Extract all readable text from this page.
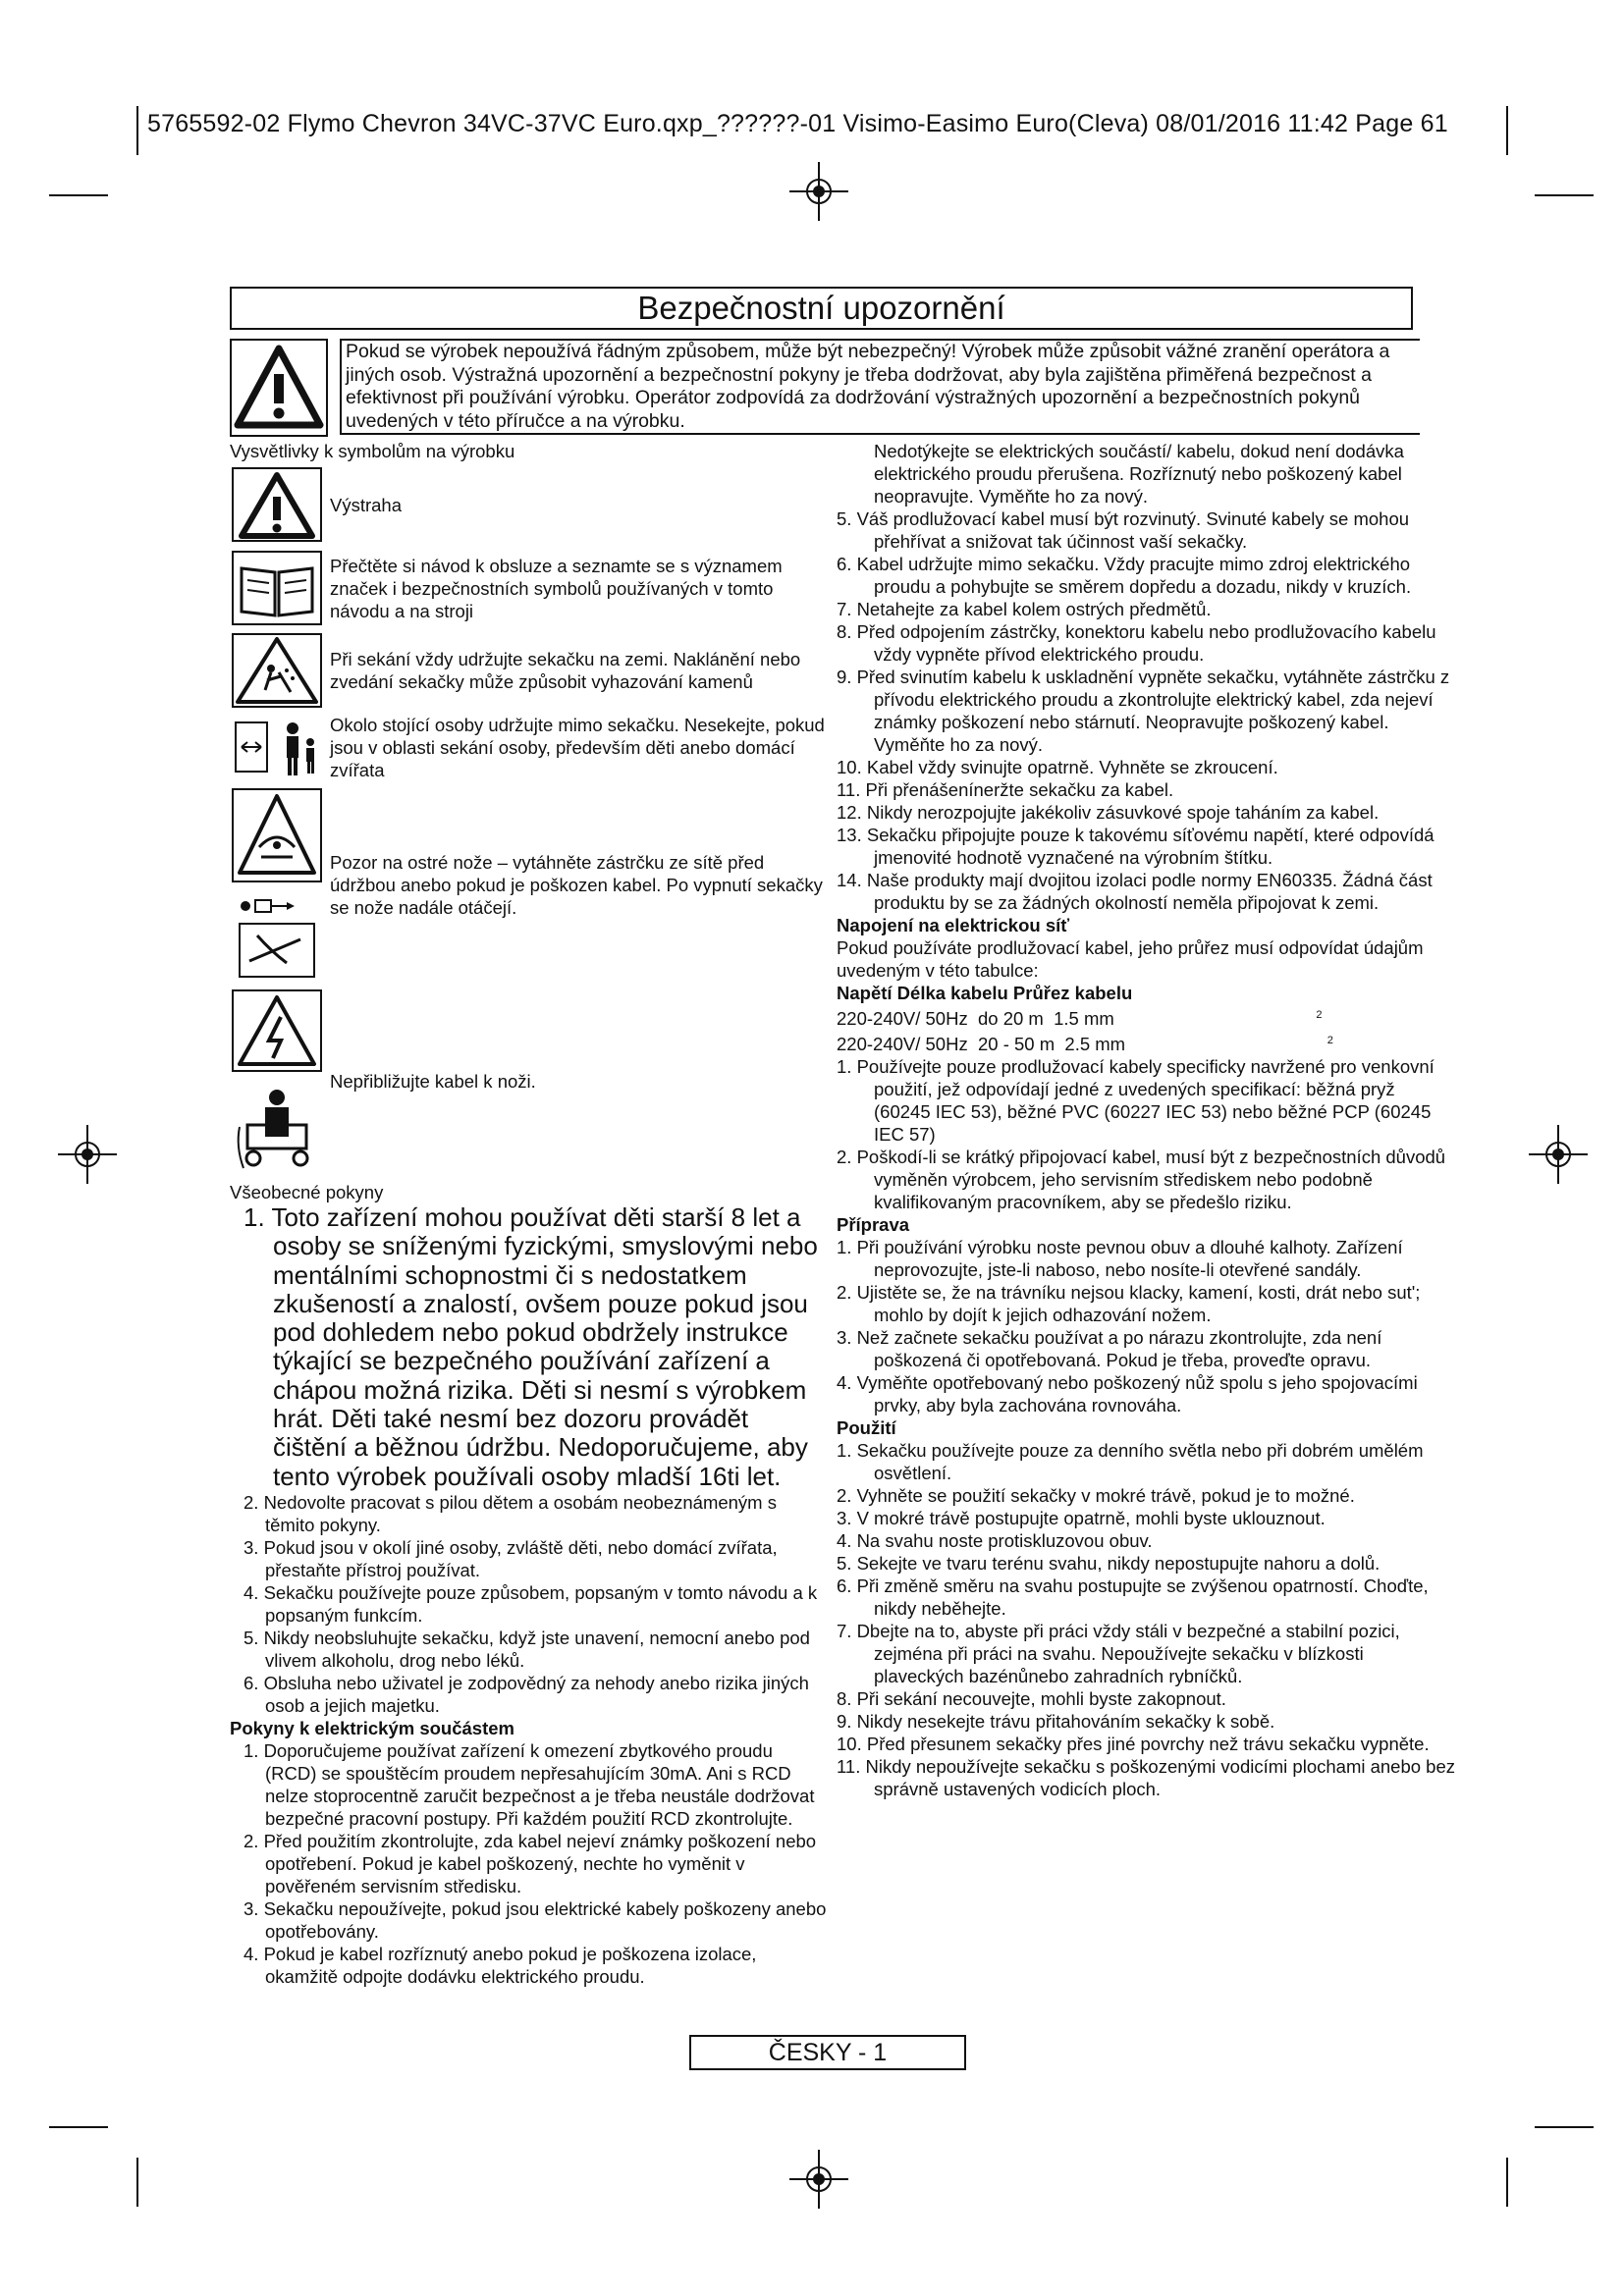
5765592-02 Flymo Chevron 34VC-37VC Euro.qxp_??????-01 Visimo-Easimo Euro(Cleva) 08/01/2016 11:42 Page 61
Bezpečnostní upozornění
Pokud se výrobek nepoužívá řádným způsobem, může být nebezpečný! Výrobek může způsobit vážné zranění operátora a jiných osob. Výstražná upozornění a bezpečnostní pokyny je třeba dodržovat, aby byla zajištěna přiměřená bezpečnost a efektivnost při používání výrobku. Operátor zodpovídá za dodržování výstražných upozornění a bezpečnostních pokynů uvedených v této příručce a na výrobku.

Vysvětlivky k symbolům na výrobku

Výstraha
Přečtěte si návod k obsluze a seznamte se s významem značek i bezpečnostních symbolů používaných v tomto návodu a na stroji
Při sekání vždy udržujte sekačku na zemi. Naklánění nebo zvedání sekačky může způsobit vyhazování kamenů
Okolo stojící osoby udržujte mimo sekačku. Nesekejte, pokud jsou v oblasti sekání osoby, především děti anebo domácí zvířata
Pozor na ostré nože – vytáhněte zástrčku ze sítě před údržbou anebo pokud je poškozen kabel. Po vypnutí sekačky se nože nadále otáčejí.
Nepřibližujte kabel k noži.

Všeobecné pokyny

1. Toto zařízení mohou používat děti starší 8 let a osoby se sníženými fyzickými, smyslovými nebo mentálními schopnostmi či s nedostatkem zkušeností a znalostí, ovšem pouze pokud jsou pod dohledem nebo pokud obdržely instrukce týkající se bezpečného používání zařízení a chápou možná rizika. Děti si nesmí s výrobkem hrát. Děti také nesmí bez dozoru provádět čištění a běžnou údržbu. Nedoporučujeme, aby tento výrobek používali osoby mladší 16ti let.

2. Nedovolte pracovat s pilou dětem a osobám neobeznámeným s těmito pokyny.

3. Pokud jsou v okolí jiné osoby, zvláště děti, nebo domácí zvířata, přestaňte přístroj používat.

4. Sekačku používejte pouze způsobem, popsaným v tomto návodu a k popsaným funkcím.

5. Nikdy neobsluhujte sekačku, když jste unavení, nemocní anebo pod vlivem alkoholu, drog nebo léků.

6. Obsluha nebo uživatel je zodpovědný za nehody anebo rizika jiných osob a jejich majetku.

Pokyny k elektrickým součástem

1. Doporučujeme používat zařízení k omezení zbytkového proudu (RCD) se spouštěcím proudem nepřesahujícím 30mA. Ani s RCD nelze stoprocentně zaručit bezpečnost a je třeba neustále dodržovat bezpečné pracovní postupy. Při každém použití RCD zkontrolujte.

2. Před použitím zkontrolujte, zda kabel nejeví známky poškození nebo opotřebení. Pokud je kabel poškozený, nechte ho vyměnit v pověřeném servisním středisku.

3. Sekačku nepoužívejte, pokud jsou elektrické kabely poškozeny anebo opotřebovány.

4. Pokud je kabel rozříznutý anebo pokud je poškozena izolace, okamžitě odpojte dodávku elektrického proudu.

Nedotýkejte se elektrických součástí/ kabelu, dokud není dodávka elektrického proudu přerušena. Rozříznutý nebo poškozený kabel neopravujte. Vyměňte ho za nový.

5. Váš prodlužovací kabel musí být rozvinutý. Svinuté kabely se mohou přehřívat a snižovat tak účinnost vaší sekačky.

6. Kabel udržujte mimo sekačku. Vždy pracujte mimo zdroj elektrického proudu a pohybujte se směrem dopředu a dozadu, nikdy v kruzích.

7. Netahejte za kabel kolem ostrých předmětů.

8. Před odpojením zástrčky, konektoru kabelu nebo prodlužovacího kabelu vždy vypněte přívod elektrického proudu.

9. Před svinutím kabelu k uskladnění vypněte sekačku, vytáhněte zástrčku z přívodu elektrického proudu a zkontrolujte elektrický kabel, zda nejeví známky poškození nebo stárnutí. Neopravujte poškozený kabel. Vyměňte ho za nový.

10. Kabel vždy svinujte opatrně. Vyhněte se zkroucení.

11. Při přenášeníneržte sekačku za kabel.

12. Nikdy nerozpojujte jakékoliv zásuvkové spoje taháním za kabel.

13. Sekačku připojujte pouze k takovému síťovému napětí, které odpovídá jmenovité hodnotě vyznačené na výrobním štítku.

14. Naše produkty mají dvojitou izolaci podle normy EN60335. Žádná část produktu by se za žádných okolností neměla připojovat k zemi.

Napojení na elektrickou síť

Pokud používáte prodlužovací kabel, jeho průřez musí odpovídat údajům uvedeným v této tabulce:

Napětí Délka kabelu Průřez kabelu

220-240V/ 50Hz  do 20 m  1.5 mm	$^2$

220-240V/ 50Hz  20 - 50 m  2.5 mm	$^2$

1. Používejte pouze prodlužovací kabely specificky navržené pro venkovní použití, jež odpovídají jedné z uvedených specifikací: běžná pryž (60245 IEC 53), běžné PVC (60227 IEC 53) nebo běžné PCP (60245 IEC 57)

2. Poškodí-li se krátký připojovací kabel, musí být z bezpečnostních důvodů vyměněn výrobcem, jeho servisním střediskem nebo podobně kvalifikovaným pracovníkem, aby se předešlo riziku.

Příprava

1. Při používání výrobku noste pevnou obuv a dlouhé kalhoty. Zařízení neprovozujte, jste-li naboso, nebo nosíte-li otevřené sandály.

2. Ujistěte se, že na trávníku nejsou klacky, kamení, kosti, drát nebo sut'; mohlo by dojít k jejich odhazování nožem.

3. Než začnete sekačku používat a po nárazu zkontrolujte, zda není poškozená či opotřebovaná. Pokud je třeba, proveďte opravu.

4. Vyměňte opotřebovaný nebo poškozený nůž spolu s jeho spojovacími prvky, aby byla zachována rovnováha.

Použití

1. Sekačku používejte pouze za denního světla nebo při dobrém umělém osvětlení.

2. Vyhněte se použití sekačky v mokré trávě, pokud je to možné.

3. V mokré trávě postupujte opatrně, mohli byste uklouznout.

4. Na svahu noste protiskluzovou obuv.

5. Sekejte ve tvaru terénu svahu, nikdy nepostupujte nahoru a dolů.

6. Při změně směru na svahu postupujte se zvýšenou opatrností. Choďte, nikdy neběhejte.

7. Dbejte na to, abyste při práci vždy stáli v bezpečné a stabilní pozici, zejména při práci na svahu. Nepoužívejte sekačku v blízkosti plaveckých bazénůnebo zahradních rybníčků.

8. Při sekání necouvejte, mohli byste zakopnout.

9. Nikdy nesekejte trávu přitahováním sekačky k sobě.

10. Před přesunem sekačky přes jiné povrchy než trávu sekačku vypněte.

11. Nikdy nepoužívejte sekačku s poškozenými vodicími plochami anebo bez správně ustavených vodicích ploch.

ČESKY - 1
